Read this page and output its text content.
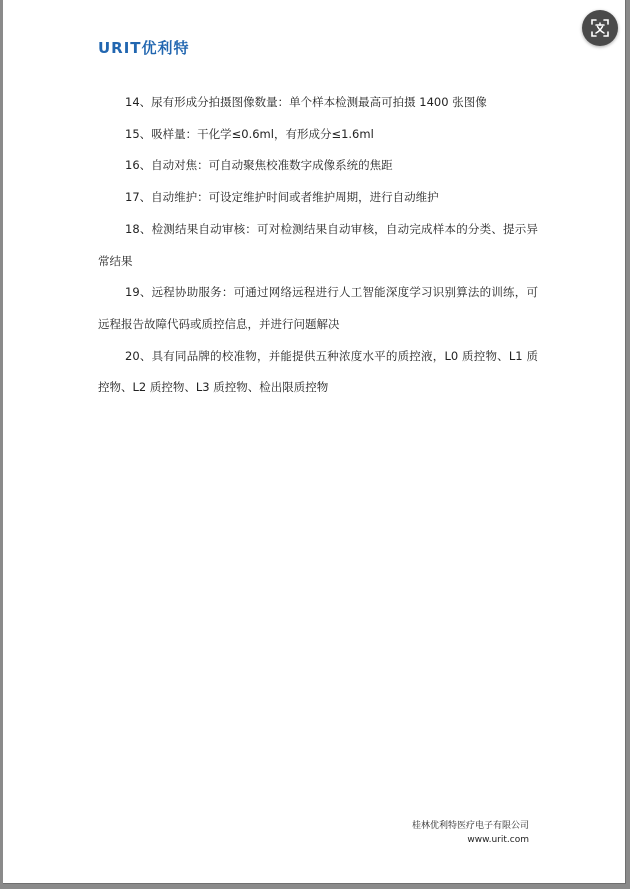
URIT优利特

14、尿有形成分拍摄图像数量：单个样本检测最高可拍摄 1400 张图像

15、吸样量：干化学≤0.6ml，有形成分≤1.6ml

16、自动对焦：可自动聚焦校准数字成像系统的焦距

17、自动维护：可设定维护时间或者维护周期，进行自动维护

18、检测结果自动审核：可对检测结果自动审核，自动完成样本的分类、提示异常结果

19、远程协助服务：可通过网络远程进行人工智能深度学习识别算法的训练，可远程报告故障代码或质控信息，并进行问题解决

20、具有同品牌的校准物，并能提供五种浓度水平的质控液，L0 质控物、L1 质控物、L2 质控物、L3 质控物、检出限质控物

桂林优利特医疗电子有限公司
www.urit.com
